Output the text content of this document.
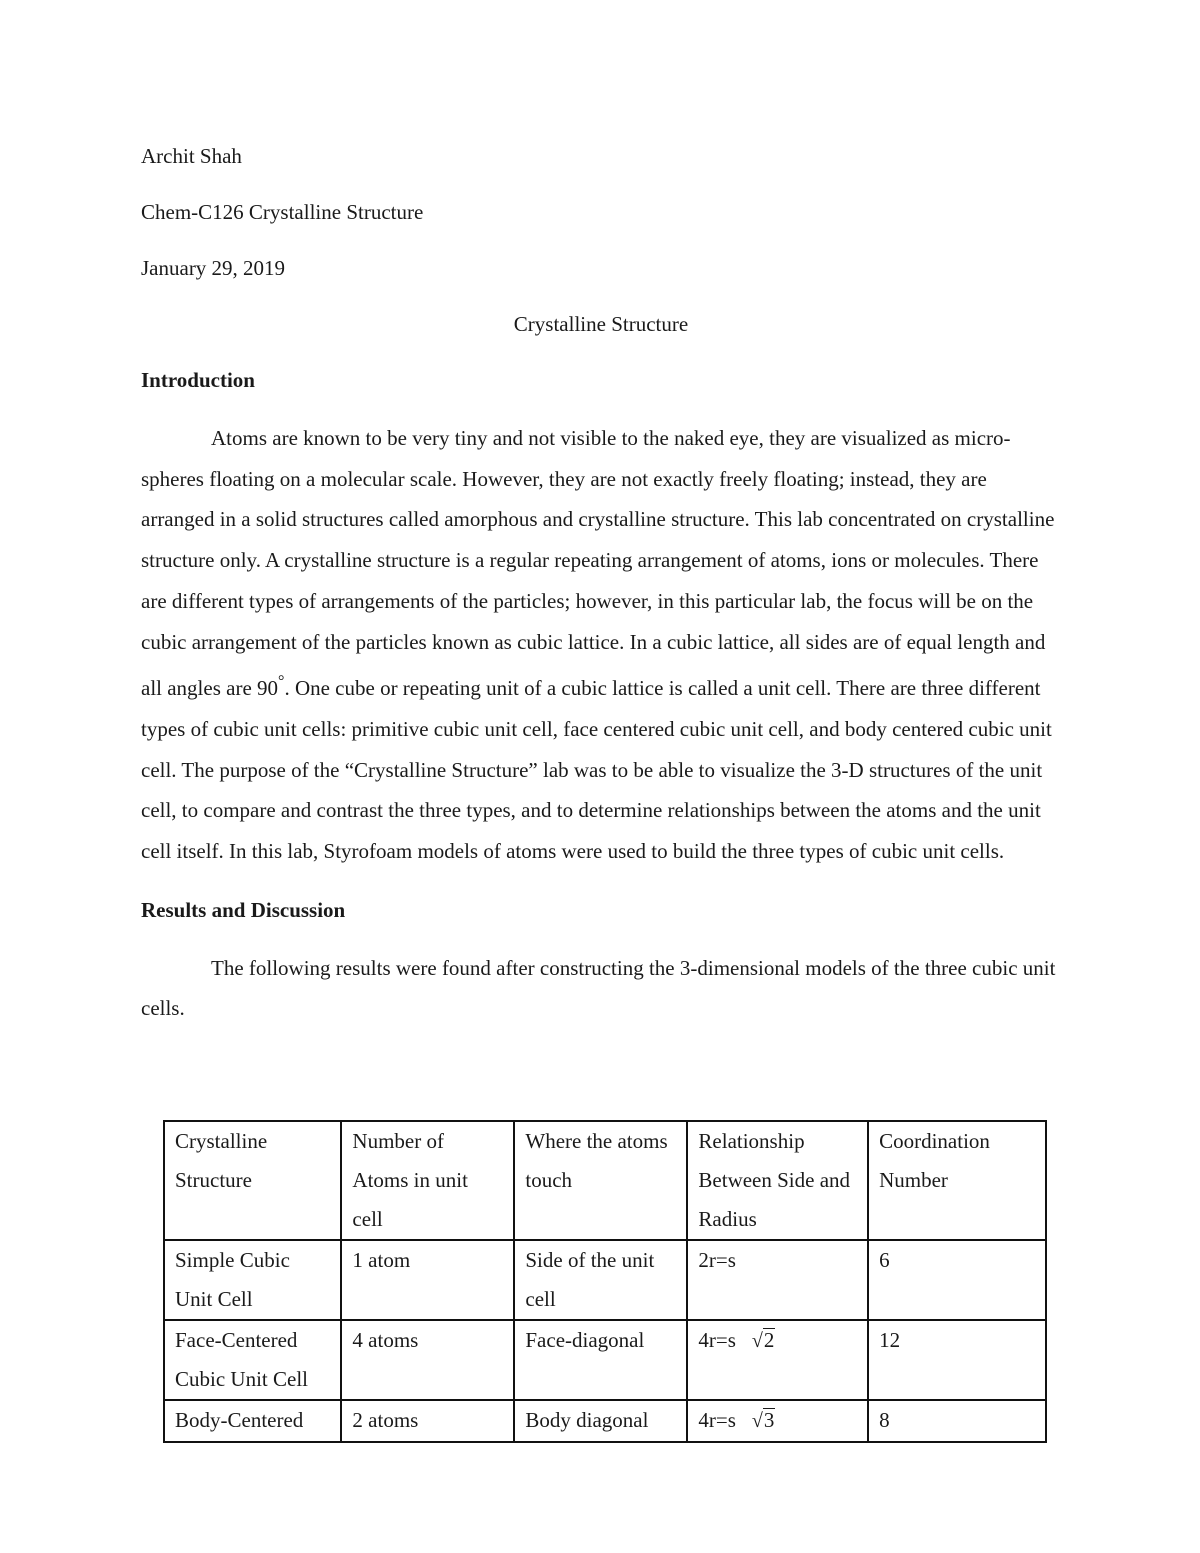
Archit Shah
Chem-C126 Crystalline Structure
January 29, 2019
Crystalline Structure
Introduction

Atoms are known to be very tiny and not visible to the naked eye, they are visualized as micro-spheres floating on a molecular scale. However, they are not exactly freely floating; instead, they are arranged in a solid structures called amorphous and crystalline structure. This lab concentrated on crystalline structure only. A crystalline structure is a regular repeating arrangement of atoms, ions or molecules. There are different types of arrangements of the particles; however, in this particular lab, the focus will be on the cubic arrangement of the particles known as cubic lattice. In a cubic lattice, all sides are of equal length and all angles are 90°. One cube or repeating unit of a cubic lattice is called a unit cell. There are three different types of cubic unit cells: primitive cubic unit cell, face centered cubic unit cell, and body centered cubic unit cell. The purpose of the “Crystalline Structure” lab was to be able to visualize the 3-D structures of the unit cell, to compare and contrast the three types, and to determine relationships between the atoms and the unit cell itself. In this lab, Styrofoam models of atoms were used to build the three types of cubic unit cells.

Results and Discussion

The following results were found after constructing the 3-dimensional models of the three cubic unit cells.

Crystalline Structure	Number of Atoms in unit cell	Where the atoms touch	Relationship Between Side and Radius	Coordination Number
Simple Cubic Unit Cell	1 atom	Side of the unit cell	2r=s	6
Face-Centered Cubic Unit Cell	4 atoms	Face-diagonal	4r=s √2	12
Body-Centered	2 atoms	Body diagonal	4r=s √3	8
